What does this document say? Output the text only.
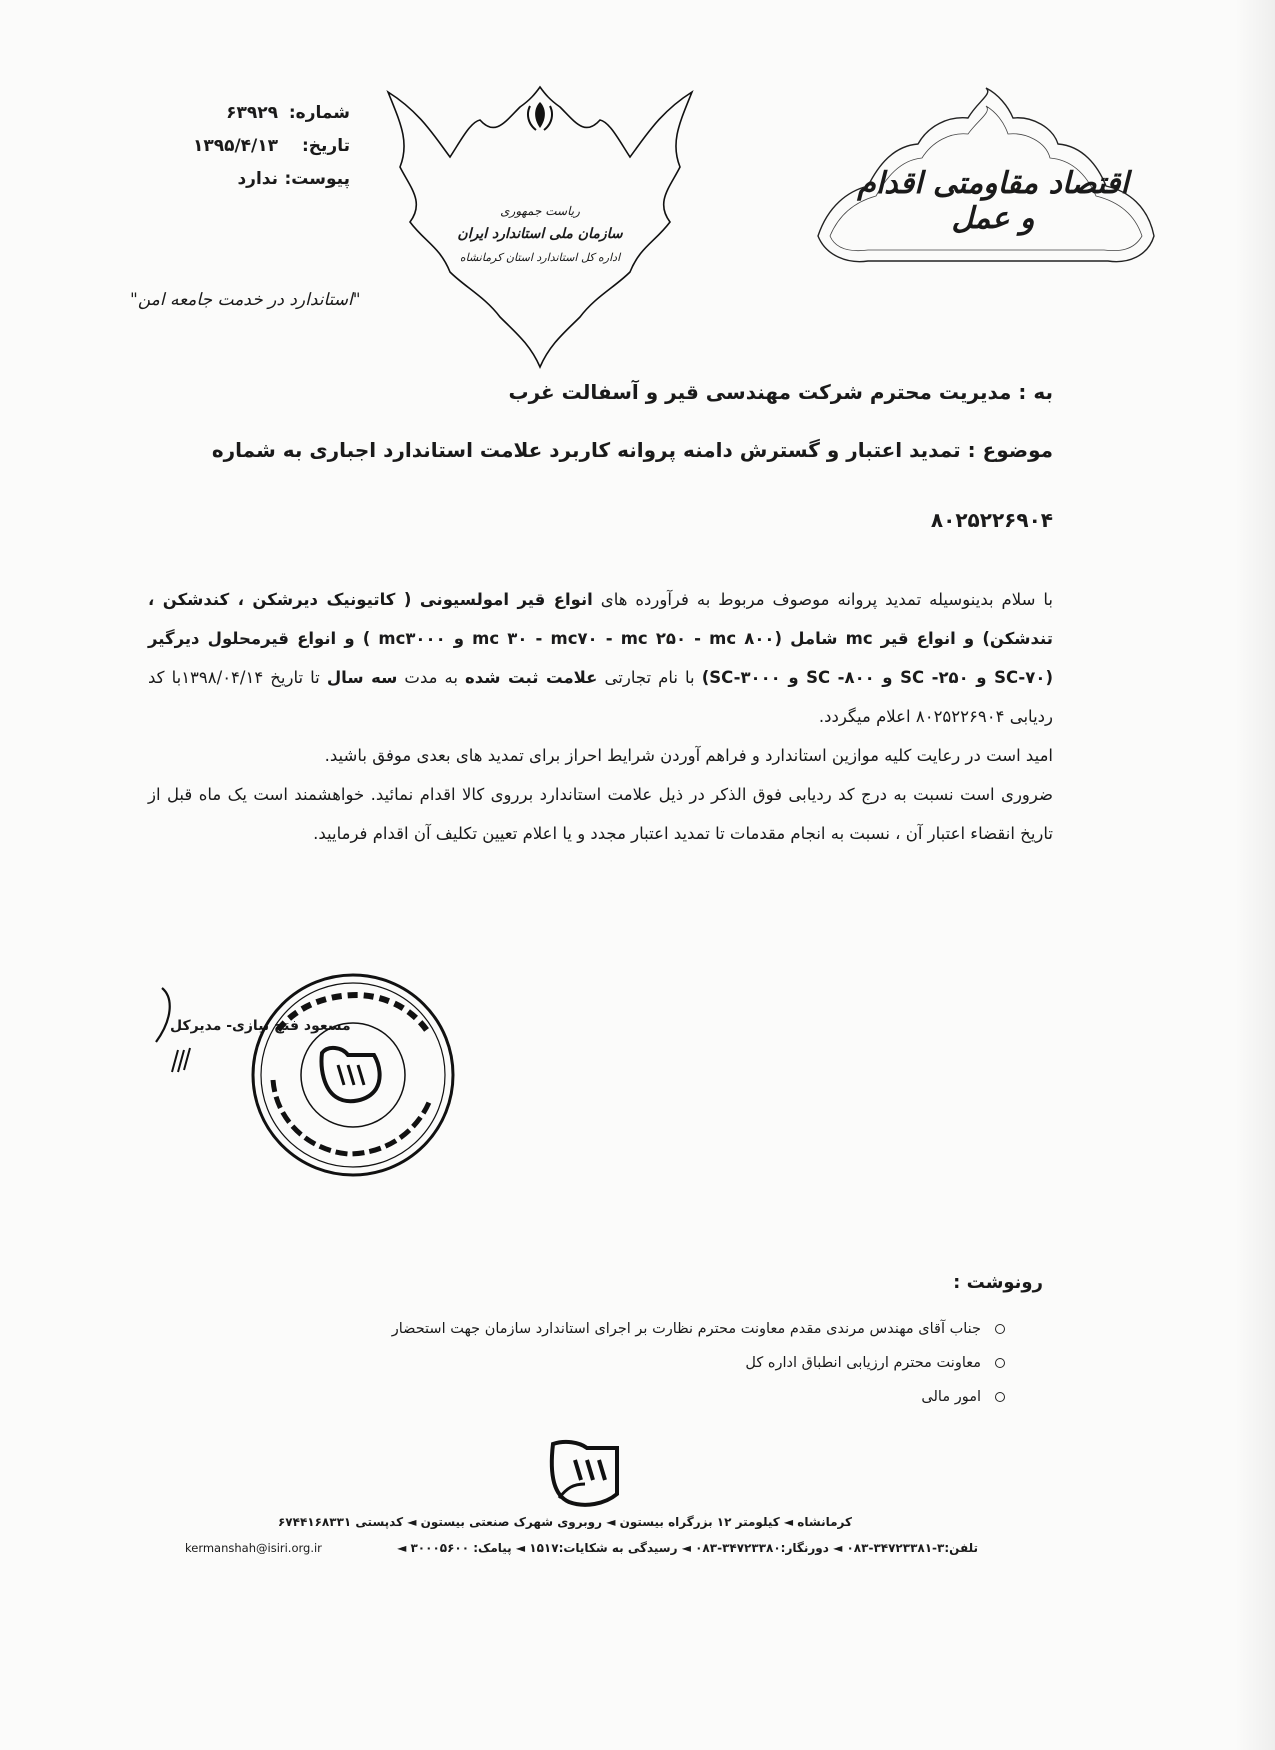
شماره:
۶۳۹۲۹
تاریخ:
۱۳۹۵/۴/۱۳
پیوست:
ندارد
"استاندارد در خدمت جامعه امن"
ریاست جمهوری
سازمان ملی استاندارد ایران
اداره کل استاندارد استان کرمانشاه
اقتصاد مقاومتی اقدام و عمل
به : مدیریت محترم شرکت مهندسی قیر و آسفالت غرب
موضوع : تمدید اعتبار و گسترش دامنه پروانه کاربرد علامت استاندارد اجباری به شماره
۸۰۲۵۲۲۶۹۰۴

با سلام بدینوسیله تمدید پروانه موصوف مربوط به فرآورده های انواع قیر امولسیونی ( کاتیونیک دیرشکن ، کندشکن ، تندشکن) و انواع قیر mc شامل (mc ۳۰ - mc۷۰ - mc ۲۵۰ - mc ۸۰۰ و mc۳۰۰۰ ) و انواع قیرمحلول دیرگیر (SC-۷۰ و SC -۲۵۰ و SC -۸۰۰ و SC-۳۰۰۰) با نام تجارتی علامت ثبت شده به مدت سه سال تا تاریخ ۱۳۹۸/۰۴/۱۴با کد ردیابی ۸۰۲۵۲۲۶۹۰۴ اعلام میگردد.

امید است در رعایت کلیه موازین استاندارد و فراهم آوردن شرایط احراز برای تمدید های بعدی موفق باشید.

ضروری است نسبت به درج کد ردیابی فوق الذکر در ذیل علامت استاندارد برروی کالا اقدام نمائید. خواهشمند است یک ماه قبل از تاریخ انقضاء اعتبار آن ، نسبت به انجام مقدمات تا تمدید اعتبار مجدد و یا اعلام تعیین تکلیف آن اقدام فرمایید.

مسعود فتح نیازی- مدیرکل
رونوشت :
جناب آقای مهندس مرندی مقدم معاونت محترم نظارت بر اجرای استاندارد سازمان جهت استحضار
معاونت محترم ارزیابی انطباق اداره کل
امور مالی
کرمانشاه ◄ کیلومتر ۱۲ بزرگراه بیستون ◄ روبروی شهرک صنعتی بیستون ◄ کدپستی ۶۷۴۴۱۶۸۳۳۱
تلفن:۳-۳۴۷۲۳۳۸۱-۰۸۳ ◄ دورنگار:۳۴۷۲۳۳۸۰-۰۸۳ ◄ رسیدگی به شکایات:۱۵۱۷ ◄ پیامک: ۳۰۰۰۵۶۰۰ ◄
kermanshah@isiri.org.ir
